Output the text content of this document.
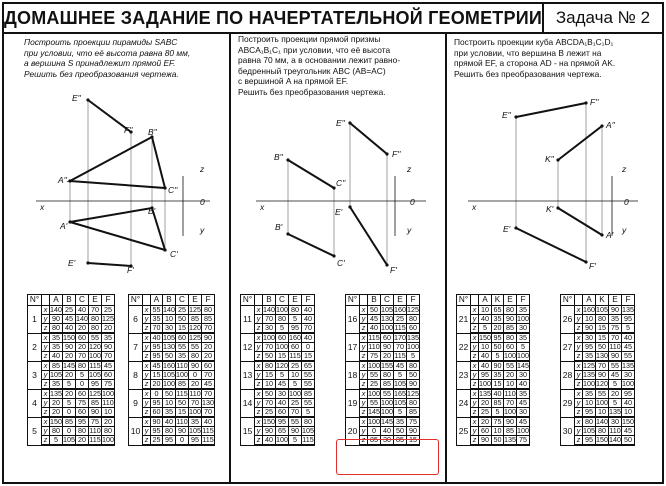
ДОМАШНЕЕ ЗАДАНИЕ ПО НАЧЕРТАТЕЛЬНОЙ ГЕОМЕТРИИ Задача № 2
Построить проекции пирамиды SABC
при условии, что её высота равна 80 мм,
а вершина S принадлежит прямой EF.
Решить без преобразования чертежа.
E''
F'' B''
A''
C''
B'
A'
C'
E'
F'
z
x	0
y
E''
F''
B''
C''
B'
C'
E'
F'
z
x	0
y
E''
F''
A''
K''
K'
A'
E'
F'
z
x	0
y
Построить проекции прямой призмы
ABCA₁B₁C₁ при условии, что её высота
равна 70 мм, а в основании лежит равно-
бедренный треугольник ABC (AB=AC)
с вершиной A на прямой EF.
Решить без преобразования чертежа.
Построить проекции куба ABCDA₁B₁C₁D₁
при условии, что вершина B лежит на
прямой EF, а сторона AD - на прямой AK.
Решить без преобразования чертежа.
N°		A	B	C	E	F
1	x	140	25	40	70	25
	y	90	45	140	80	125
	z	80	40	20	80	20
2	x	35	150	60	55	35
	y	35	90	20	120	90
	z	40	20	70	100	70
3	x	85	145	80	115	45
	y	105	20	5	105	60
	z	35	5	0	95	75
4	x	135	20	60	125	100
	y	20	5	75	85	110
	z	20	0	60	90	10
5	x	150	85	95	75	20
	y	80	0	80	110	80
	z	5	105	20	115	100
N°		A	B	C	E	F
6	x	55	140	25	125	80
	y	35	10	50	85	85
	z	70	30	15	120	70
7	x	40	105	60	125	90
	y	95	130	55	55	20
	z	95	50	35	80	20
8	x	45	160	110	90	60
	y	15	105	100	0	70
	z	20	100	85	20	45
9	x	0	50	115	110	70
	y	95	10	50	70	130
	z	60	35	15	100	70
10	x	90	40	110	35	40
	y	95	80	90	105	115
	z	25	95	0	95	115
N°		B	C	E	F
11	x	140	100	80	40
	y	70	80	5	40
	z	30	5	95	70
12	x	100	60	160	40
	y	70	100	60	0
	z	50	15	115	15
13	x	80	120	25	65
	y	15	5	10	55
	z	10	45	5	55
14	x	50	30	100	85
	y	70	40	25	55
	z	25	60	70	5
15	x	150	95	55	80
	y	90	65	90	105
	z	40	100	5	115
N°		B	C	E	F
16	x	50	105	160	125
	y	45	130	25	80
	z	40	100	115	60
17	x	115	60	170	135
	y	110	90	70	100
	z	75	20	115	5
18	x	100	155	45	80
	y	55	80	5	50
	z	25	85	105	90
19	x	100	55	165	125
	y	55	100	105	80
	z	145	100	5	85
20	x	100	145	35	75
	y	0	40	50	90
	z	85	30	85	15
N°		A	K	E	F
21	x	10	65	80	35
	y	40	35	90	100
	z	5	20	85	30
22	x	150	95	80	35
	y	10	50	60	5
	z	40	5	100	100
23	x	40	90	55	145
	y	95	35	20	30
	z	100	15	10	40
24	x	135	40	110	35
	y	20	85	70	45
	z	25	5	100	30
25	x	20	75	90	45
	y	60	10	85	100
	z	90	50	135	75
N°		A	K	E	F
26	x	160	105	90	135
	y	10	80	35	95
	z	90	15	75	5
27	x	30	15	70	40
	y	95	50	110	45
	z	35	130	90	55
28	x	125	70	55	135
	y	135	90	45	30
	z	100	120	5	100
29	x	35	55	20	95
	y	10	100	5	40
	z	95	10	135	10
30	x	80	140	30	150
	y	105	80	110	45
	z	95	150	140	50
